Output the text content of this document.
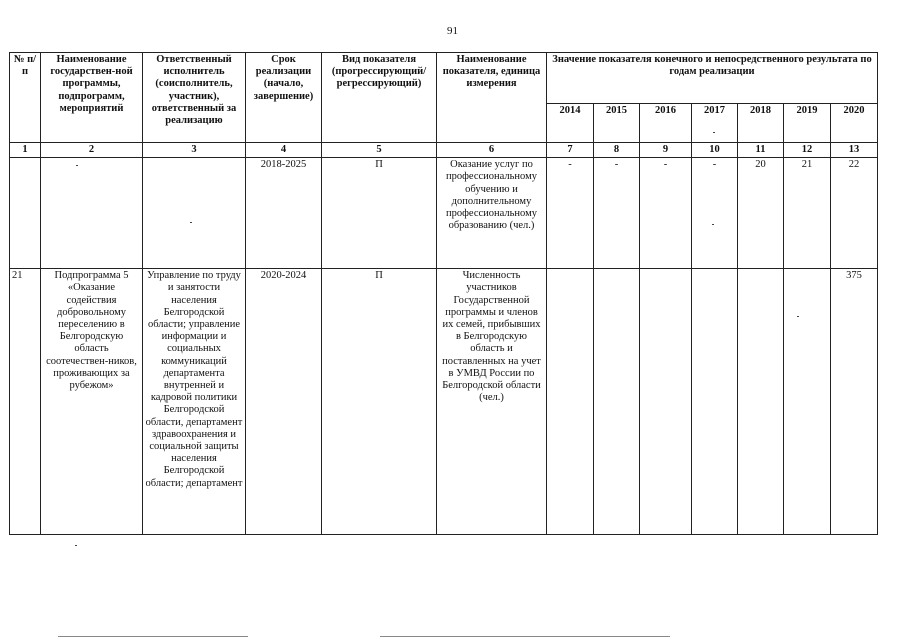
91
№ п/п	Наименование государствен-ной программы, подпрограмм, мероприятий	Ответственный исполнитель (соисполнитель, участник), ответственный за реализацию	Срок реализации (начало, завершение)	Вид показателя (прогрессирующий/ регрессирующий)	Наименование показателя, единица измерения	Значение показателя конечного и непосредственного результата по годам реализации						
						2014	2015	2016	2017	2018	2019	2020
1	2	3	4	5	6	7	8	9	10	11	12	13
			2018-2025	П	Оказание услуг по профессиональному обучению и дополнительному профессиональному образованию (чел.)	-	-	-	-	20	21	22
21	Подпрограмма 5 «Оказание содействия добровольному переселению в Белгородскую область соотечествен-ников, проживающих за рубежом»	Управление по труду и занятости населения Белгородской области; управление информации и социальных коммуникаций департамента внутренней и кадровой политики Белгородской области, департамент здравоохранения и социальной защиты населения Белгородской области; департамент	2020-2024	П	Численность участников Государственной программы и членов их семей, прибывших в Белгородскую область и поставленных на учет в УМВД России по Белгородской области (чел.)							375
